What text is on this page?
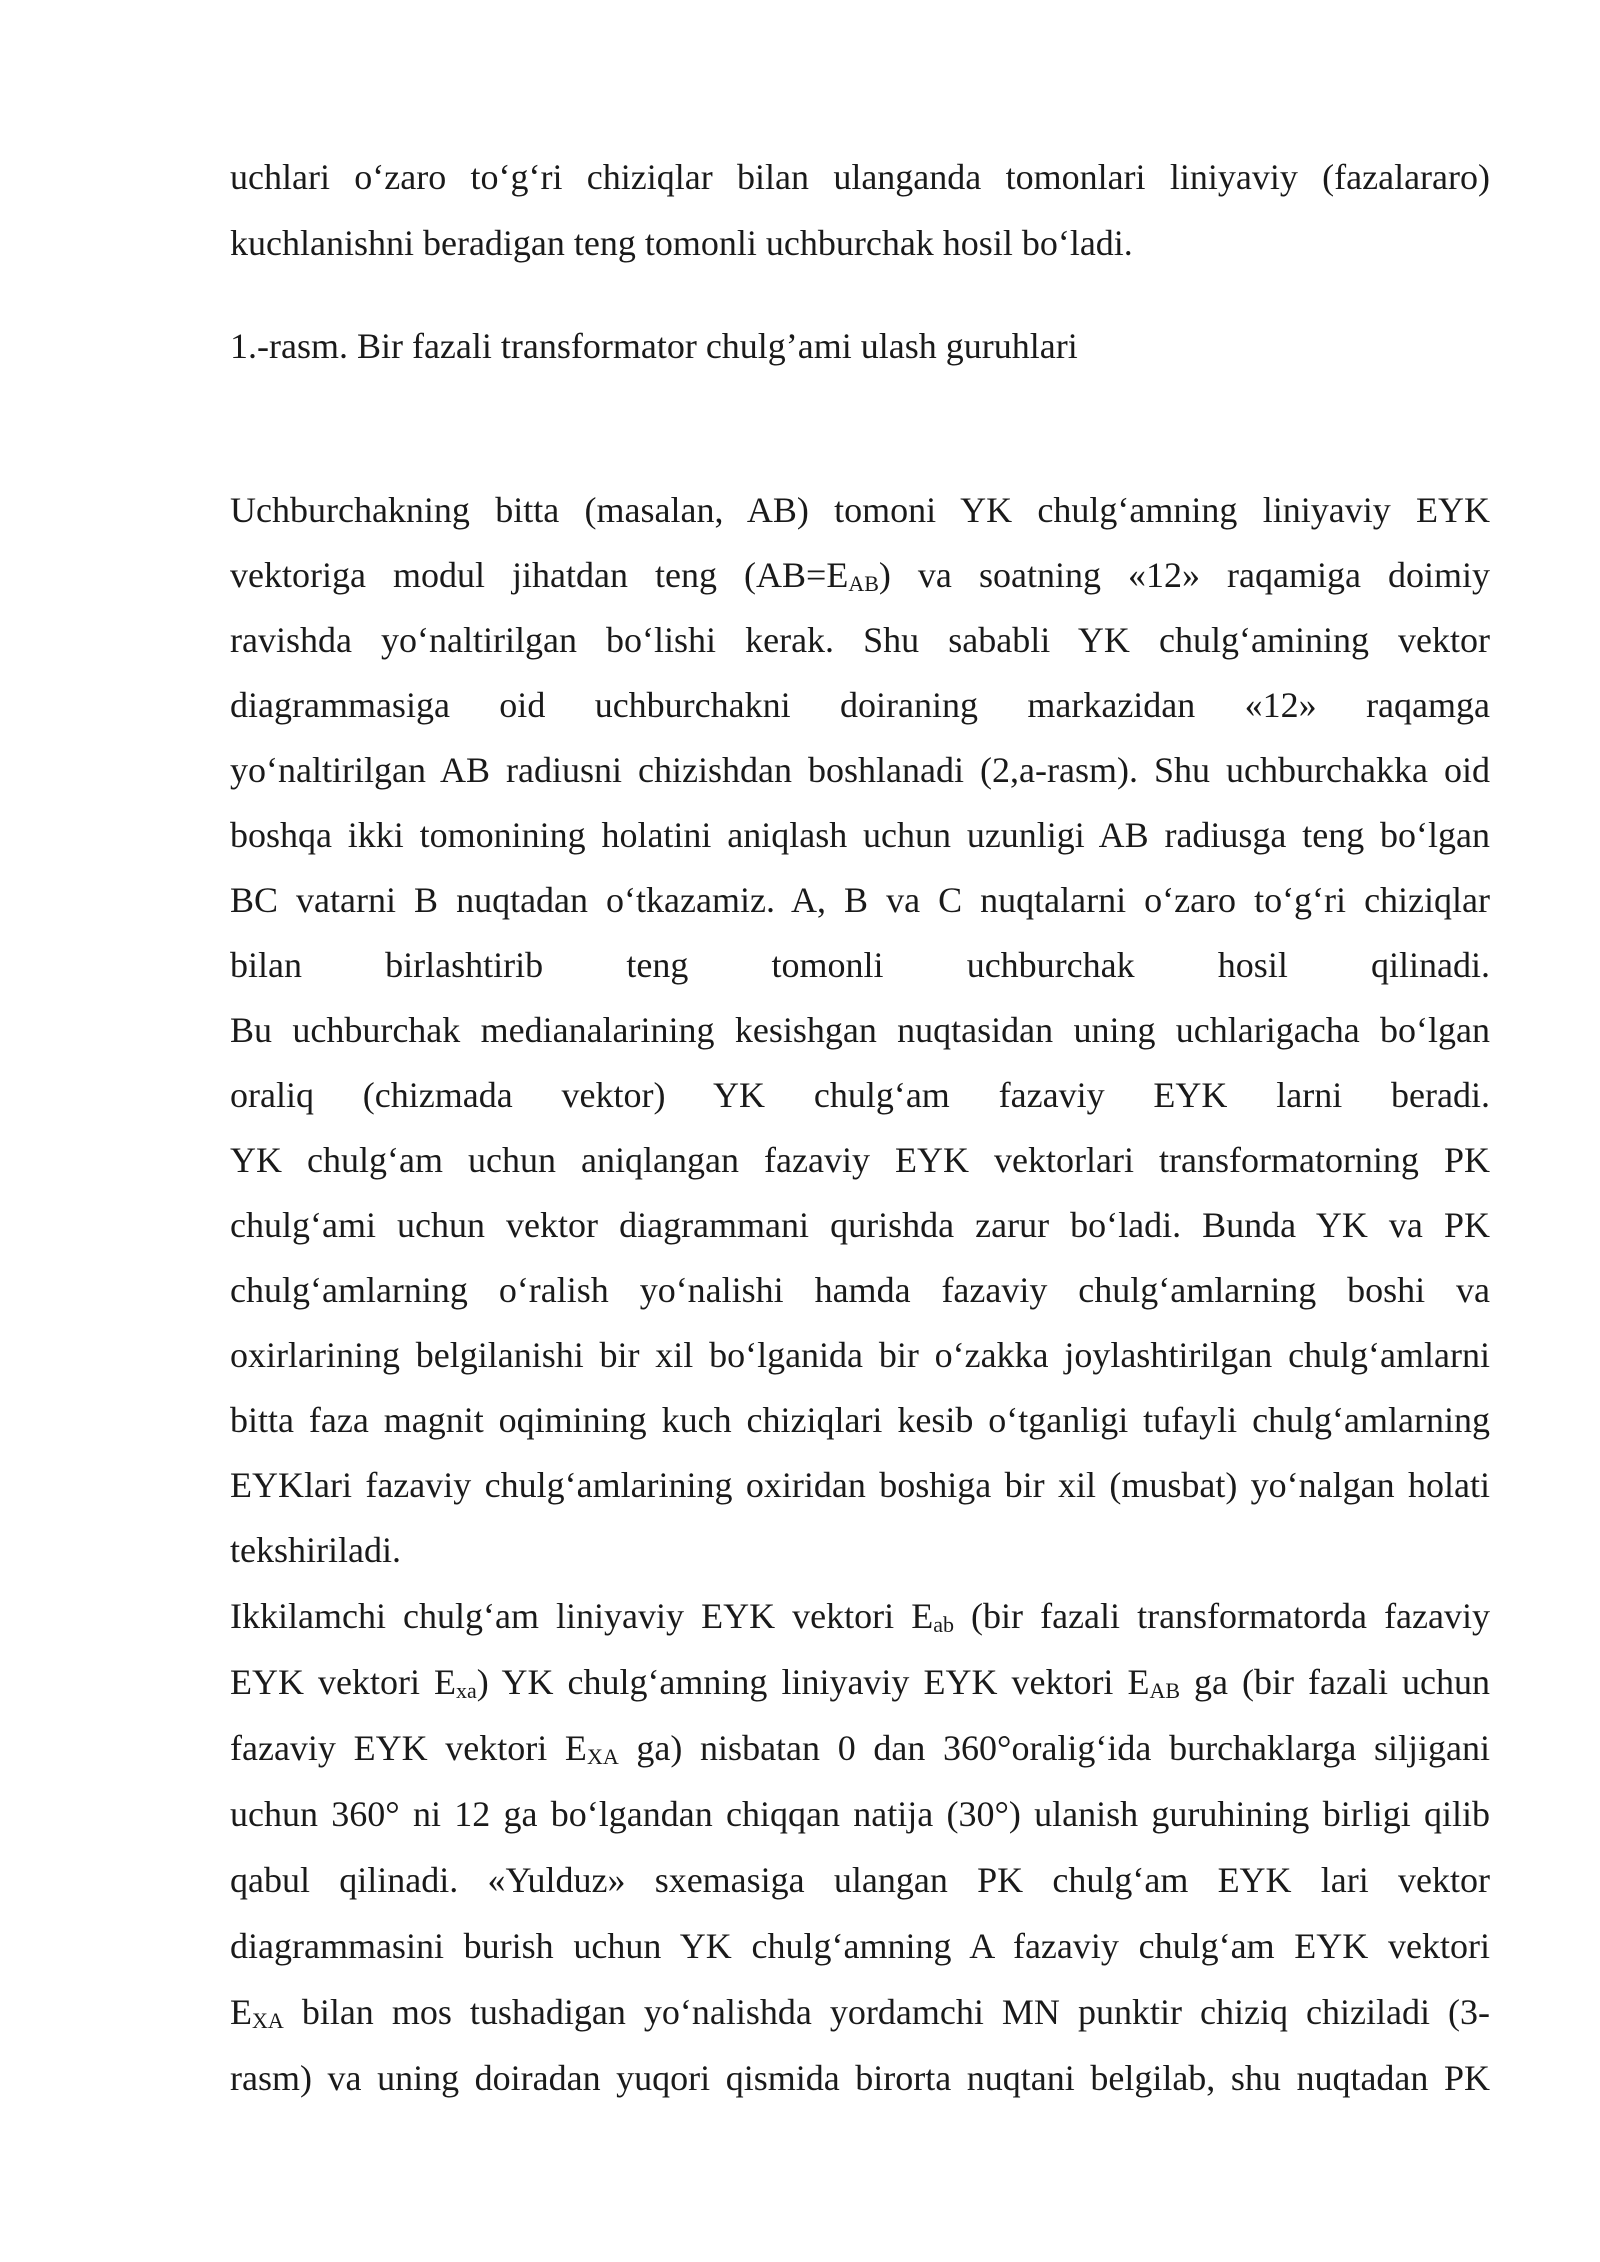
uchlari o‘zaro to‘g‘ri chiziqlar bilan ulanganda tomonlari liniyaviy (fazalararo)
kuchlanishni beradigan teng tomonli uchburchak hosil bo‘ladi.
1.-rasm. Bir fazali transformator chulg’ami ulash guruhlari
Uchburchakning bitta (masalan, AB) tomoni YK chulg‘amning liniyaviy EYK
vektoriga modul jihatdan teng $(AB=E_{AB})$ va soatning «12» raqamiga doimiy
ravishda yo‘naltirilgan bo‘lishi kerak. Shu sababli YK chulg‘amining vektor
diagrammasiga oid uchburchakni doiraning markazidan «12» raqamga
yo‘naltirilgan AB radiusni chizishdan boshlanadi (2,a-rasm). Shu uchburchakka oid
boshqa ikki tomonining holatini aniqlash uchun uzunligi AB radiusga teng bo‘lgan
BC vatarni B nuqtadan o‘tkazamiz. A, B va C nuqtalarni o‘zaro to‘g‘ri chiziqlar
bilan birlashtirib teng tomonli uchburchak hosil qilinadi.
Bu uchburchak medianalarining kesishgan nuqtasidan uning uchlarigacha bo‘lgan
oraliq (chizmada vektor) YK chulg‘am fazaviy EYK larni beradi.
YK chulg‘am uchun aniqlangan fazaviy EYK vektorlari transformatorning PK
chulg‘ami uchun vektor diagrammani qurishda zarur bo‘ladi. Bunda YK va PK
chulg‘amlarning o‘ralish yo‘nalishi hamda fazaviy chulg‘amlarning boshi va
oxirlarining belgilanishi bir xil bo‘lganida bir o‘zakka joylashtirilgan chulg‘amlarni
bitta faza magnit oqimining kuch chiziqlari kesib o‘tganligi tufayli chulg‘amlarning
EYKlari fazaviy chulg‘amlarining oxiridan boshiga bir xil (musbat) yo‘nalgan holati
tekshiriladi.
Ikkilamchi chulg‘am liniyaviy EYK vektori $E_{ab}$ (bir fazali transformatorda fazaviy
EYK vektori $E_{xa}$) YK chulg‘amning liniyaviy EYK vektori $E_{AB}$ ga (bir fazali uchun
fazaviy EYK vektori $E_{XA}$ ga) nisbatan 0 dan 360°oralig‘ida burchaklarga siljigani
uchun 360° ni 12 ga bo‘lgandan chiqqan natija (30°) ulanish guruhining birligi qilib
qabul qilinadi. «Yulduz» sxemasiga ulangan PK chulg‘am EYK lari vektor
diagrammasini burish uchun YK chulg‘amning A fazaviy chulg‘am EYK vektori
$E_{XA}$ bilan mos tushadigan yo‘nalishda yordamchi MN punktir chiziq chiziladi (3-
rasm) va uning doiradan yuqori qismida birorta nuqtani belgilab, shu nuqtadan PK
